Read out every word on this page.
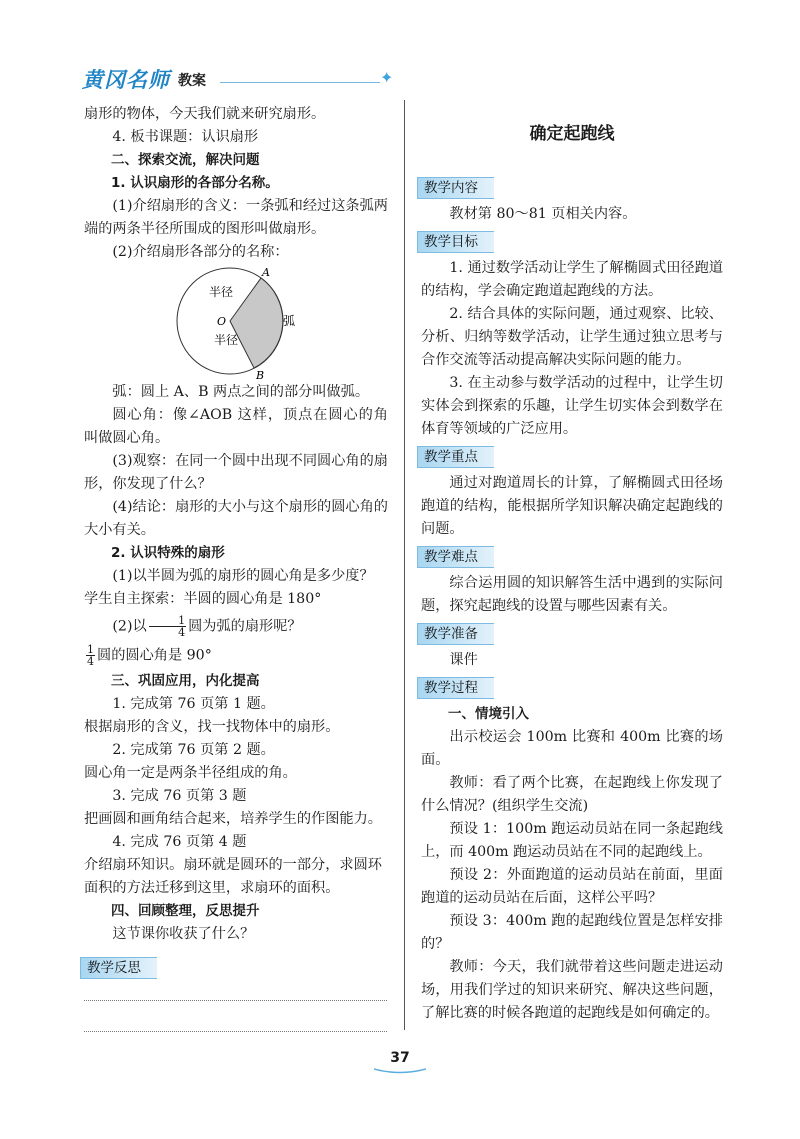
黄冈名师 教案	✦

扇形的物体，今天我们就来研究扇形。

4. 板书课题：认识扇形

二、探索交流，解决问题

1. 认识扇形的各部分名称。

(1)介绍扇形的含义：一条弧和经过这条弧两端的两条半径所围成的图形叫做扇形。

(2)介绍扇形各部分的名称：

半径
半径
弧
O
A
B

弧：圆上 A、B 两点之间的部分叫做弧。

圆心角：像∠AOB 这样，顶点在圆心的角叫做圆心角。

(3)观察：在同一个圆中出现不同圆心角的扇形，你发现了什么？

(4)结论：扇形的大小与这个扇形的圆心角的大小有关。

2. 认识特殊的扇形

(1)以半圆为弧的扇形的圆心角是多少度？

学生自主探索：半圆的圆心角是 180°

(2)以 $\frac{1}{4}$ 圆为弧的扇形呢？

$\frac{1}{4}$ 圆的圆心角是 90°

三、巩固应用，内化提高

1. 完成第 76 页第 1 题。

根据扇形的含义，找一找物体中的扇形。

2. 完成第 76 页第 2 题。

圆心角一定是两条半径组成的角。

3. 完成 76 页第 3 题

把画圆和画角结合起来，培养学生的作图能力。

4. 完成 76 页第 4 题

介绍扇环知识。扇环就是圆环的一部分，求圆环面积的方法迁移到这里，求扇环的面积。

四、回顾整理，反思提升

这节课你收获了什么？

教学反思
确定起跑线
教学内容

教材第 80～81 页相关内容。

教学目标

1. 通过数学活动让学生了解椭圆式田径跑道的结构，学会确定跑道起跑线的方法。

2. 结合具体的实际问题，通过观察、比较、分析、归纳等数学活动，让学生通过独立思考与合作交流等活动提高解决实际问题的能力。

3. 在主动参与数学活动的过程中，让学生切实体会到探索的乐趣，让学生切实体会到数学在体育等领域的广泛应用。

教学重点

通过对跑道周长的计算，了解椭圆式田径场跑道的结构，能根据所学知识解决确定起跑线的问题。

教学难点

综合运用圆的知识解答生活中遇到的实际问题，探究起跑线的设置与哪些因素有关。

教学准备

课件

教学过程

一、情境引入

出示校运会 100m 比赛和 400m 比赛的场面。

教师：看了两个比赛，在起跑线上你发现了什么情况？(组织学生交流)

预设 1：100m 跑运动员站在同一条起跑线上，而 400m 跑运动员站在不同的起跑线上。

预设 2：外面跑道的运动员站在前面，里面跑道的运动员站在后面，这样公平吗？

预设 3：400m 跑的起跑线位置是怎样安排的？

教师：今天，我们就带着这些问题走进运动场，用我们学过的知识来研究、解决这些问题，了解比赛的时候各跑道的起跑线是如何确定的。

37
